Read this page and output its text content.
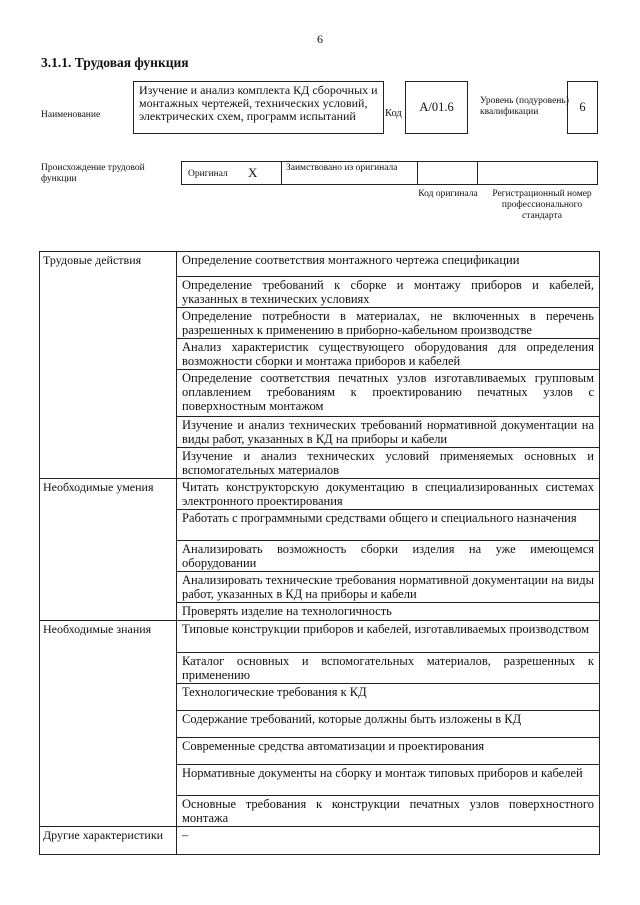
6
3.1.1. Трудовая функция
Наименование
Изучение и анализ комплекта КД сборочных и монтажных чертежей, технических условий, электрических схем, программ испытаний	Код	А/01.6	Уровень (подуровень) квалификации	6
Происхождение трудовой функции	Оригинал X	Заимствовано из оригинала
Код оригинала	Регистрационный номер профессионального стандарта
Трудовые действия	Определение соответствия монтажного чертежа спецификации
	Определение требований к сборке и монтажу приборов и кабелей, указанных в технических условиях
	Определение потребности в материалах, не включенных в перечень разрешенных к применению в приборно-кабельном производстве
	Анализ характеристик существующего оборудования для определения возможности сборки и монтажа приборов и кабелей
	Определение соответствия печатных узлов изготавливаемых групповым оплавлением требованиям к проектированию печатных узлов с поверхностным монтажом
	Изучение и анализ технических требований нормативной документации на виды работ, указанных в КД на приборы и кабели
	Изучение и анализ технических условий применяемых основных и вспомогательных материалов
Необходимые умения	Читать конструкторскую документацию в специализированных системах электронного проектирования
	Работать с программными средствами общего и специального назначения
	Анализировать возможность сборки изделия на уже имеющемся оборудовании
	Анализировать технические требования нормативной документации на виды работ, указанных в КД на приборы и кабели
	Проверять изделие на технологичность
Необходимые знания	Типовые конструкции приборов и кабелей, изготавливаемых производством
	Каталог основных и вспомогательных материалов, разрешенных к применению
	Технологические требования к КД
	Содержание требований, которые должны быть изложены в КД
	Современные средства автоматизации и проектирования
	Нормативные документы на сборку и монтаж типовых приборов и кабелей
	Основные требования к конструкции печатных узлов поверхностного монтажа
Другие характеристики	–
